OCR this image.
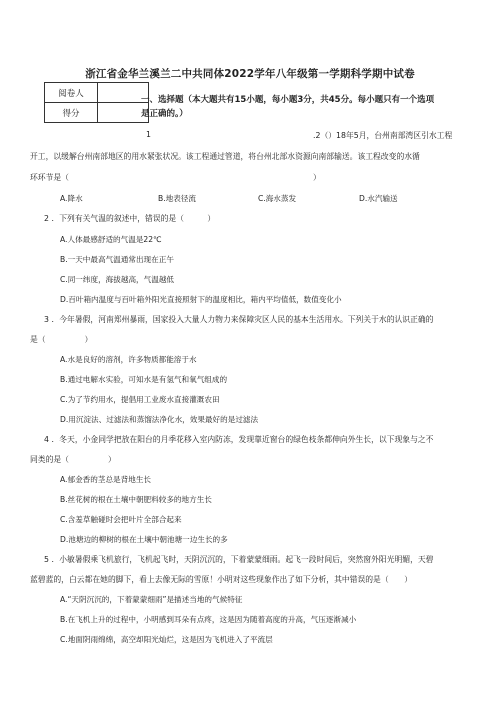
浙江省金华兰溪兰二中共同体2022学年八年级第一学期科学期中试卷
阅卷人	
得分	
一、选择题（本大题共有15小题，每小题3分，共45分。每小题只有一个选项
是正确的。）
1	.2（）18年5月，台州南部湾区引水工程
开工，以缓解台州南部地区的用水紧张状况。该工程通过管道，将台州北部水资源向南部输送。该工程改变的水循
环环节是（	）
A.降水	B.地表径流	C.海水蒸发	D.水汽输送
2 ．下列有关气温的叙述中，错误的是（　　　）
A.人体最感舒适的气温是22℃
B.一天中最高气温通常出现在正午
C.同一纬度，海拔越高，气温越低
D.百叶箱内温度与百叶箱外阳光直接照射下的温度相比，箱内平均值低，数值变化小
3 ．今年暑假，河南郑州暴雨，国家投入大量人力物力来保障灾区人民的基本生活用水。下列关于水的认识正确的
是（　　　　　）
A.水是良好的溶剂，许多物质都能溶于水
B.通过电解水实验，可知水是有氢气和氧气组成的
C.为了节约用水，提倡用工业废水直接灌溉农田
D.用沉淀法、过滤法和蒸馏法净化水，效果最好的是过滤法
4 ．冬天，小金同学把放在阳台的月季花移入室内防冻，发现靠近窗台的绿色枝条都伸向外生长，以下现象与之不
同类的是（　　　　　）
A.郁金香的茎总是背地生长
B.丝花树的根在土壤中朝肥料较多的地方生长
C.含羞草触碰时会把叶片全部合起来
D.池塘边的柳树的根在土壤中朝池塘一边生长的多
5 ．小敏暑假乘飞机旅行，飞机起飞时，天阴沉沉的，下着蒙蒙细雨。起飞一段时间后，突然窗外阳光明媚，天碧
蓝碧蓝的，白云都在她的脚下，看上去像无际的雪原！小明对这些现象作出了如下分析，其中错误的是（　　）
A.“天阴沉沉的，下着蒙蒙细雨”是描述当地的气候特征
B.在飞机上升的过程中，小明感到耳朵有点疼，这是因为随着高度的升高，气压逐渐减小
C.地面阴雨绵绵，高空却阳光灿烂，这是因为飞机进入了平流层
